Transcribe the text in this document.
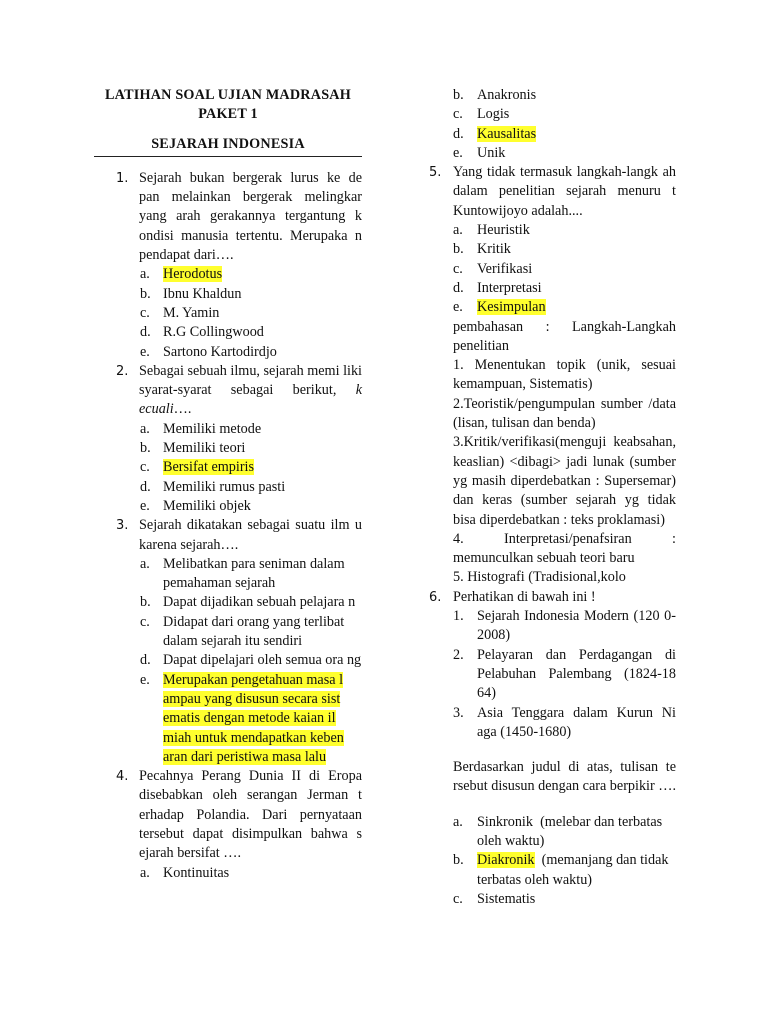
LATIHAN SOAL UJIAN MADRASAH
PAKET 1
SEJARAH INDONESIA
1. Sejarah bukan bergerak lurus ke de pan melainkan bergerak melingkar yang arah gerakannya tergantung k ondisi manusia tertentu. Merupaka n pendapat dari….
a. Herodotus
b. Ibnu Khaldun
c. M. Yamin
d. R.G Collingwood
e. Sartono Kartodirdjo
2. Sebagai sebuah ilmu, sejarah memi liki syarat-syarat sebagai berikut, k ecuali….
a. Memiliki metode
b. Memiliki teori
c. Bersifat empiris
d. Memiliki rumus pasti
e. Memiliki objek
3. Sejarah dikatakan sebagai suatu ilm u karena sejarah….
a. Melibatkan para seniman dalam pemahaman sejarah
b. Dapat dijadikan sebuah pelajara n
c. Didapat dari orang yang terlibat dalam sejarah itu sendiri
d. Dapat dipelajari oleh semua ora ng
e. Merupakan pengetahuan masa l ampau yang disusun secara sist ematis dengan metode kaian il miah untuk mendapatkan keben aran dari peristiwa masa lalu
4. Pecahnya Perang Dunia II di Eropa disebabkan oleh serangan Jerman t erhadap Polandia. Dari pernyataan tersebut dapat disimpulkan bahwa s ejarah bersifat ….
a. Kontinuitas
b. Anakronis
c. Logis
d. Kausalitas
e. Unik
5. Yang tidak termasuk langkah-langk ah dalam penelitian sejarah menuru t Kuntowijoyo adalah....
a. Heuristik
b. Kritik
c. Verifikasi
d. Interpretasi
e. Kesimpulan
pembahasan : Langkah-Langkah penelitian
1. Menentukan topik (unik, sesuai kemampuan, Sistematis)
2.Teoristik/pengumpulan sumber /data (lisan, tulisan dan benda)
3.Kritik/verifikasi(menguji keabsahan, keaslian) <dibagi> jadi lunak (sumber yg masih diperdebatkan : Supersemar) dan keras (sumber sejarah yg tidak bisa diperdebatkan : teks proklamasi)
4. Interpretasi/penafsiran : memunculkan sebuah teori baru
5. Histografi (Tradisional,kolo
6. Perhatikan di bawah ini !
1. Sejarah Indonesia Modern (120 0-2008)
2. Pelayaran dan Perdagangan di Pelabuhan Palembang (1824-18 64)
3. Asia Tenggara dalam Kurun Ni aga (1450-1680)
Berdasarkan judul di atas, tulisan te rsebut disusun dengan cara berpikir ….
a. Sinkronik (melebar dan terbatas oleh waktu)
b. Diakronik (memanjang dan tidak terbatas oleh waktu)
c. Sistematis
